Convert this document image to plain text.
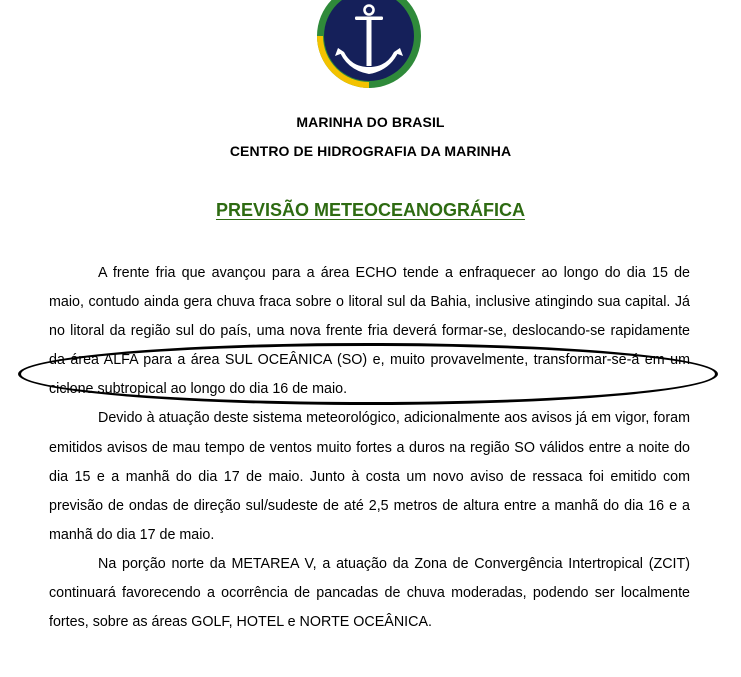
MARINHA DO BRASIL
CENTRO DE HIDROGRAFIA DA MARINHA
PREVISÃO METEOCEANOGRÁFICA

A frente fria que avançou para a área ECHO tende a enfraquecer ao longo do dia 15 de maio, contudo ainda gera chuva fraca sobre o litoral sul da Bahia, inclusive atingindo sua capital. Já no litoral da região sul do país, uma nova frente fria deverá formar-se, deslocando-se rapidamente da área ALFA para a área SUL OCEÂNICA (SO) e, muito provavelmente, transformar-se-á em um ciclone subtropical ao longo do dia 16 de maio.

Devido à atuação deste sistema meteorológico, adicionalmente aos avisos já em vigor, foram emitidos avisos de mau tempo de ventos muito fortes a duros na região SO válidos entre a noite do dia 15 e a manhã do dia 17 de maio. Junto à costa um novo aviso de ressaca foi emitido com previsão de ondas de direção sul/sudeste de até 2,5 metros de altura entre a manhã do dia 16 e a manhã do dia 17 de maio.

Na porção norte da METAREA V, a atuação da Zona de Convergência Intertropical (ZCIT) continuará favorecendo a ocorrência de pancadas de chuva moderadas, podendo ser localmente fortes, sobre as áreas GOLF, HOTEL e NORTE OCEÂNICA.
